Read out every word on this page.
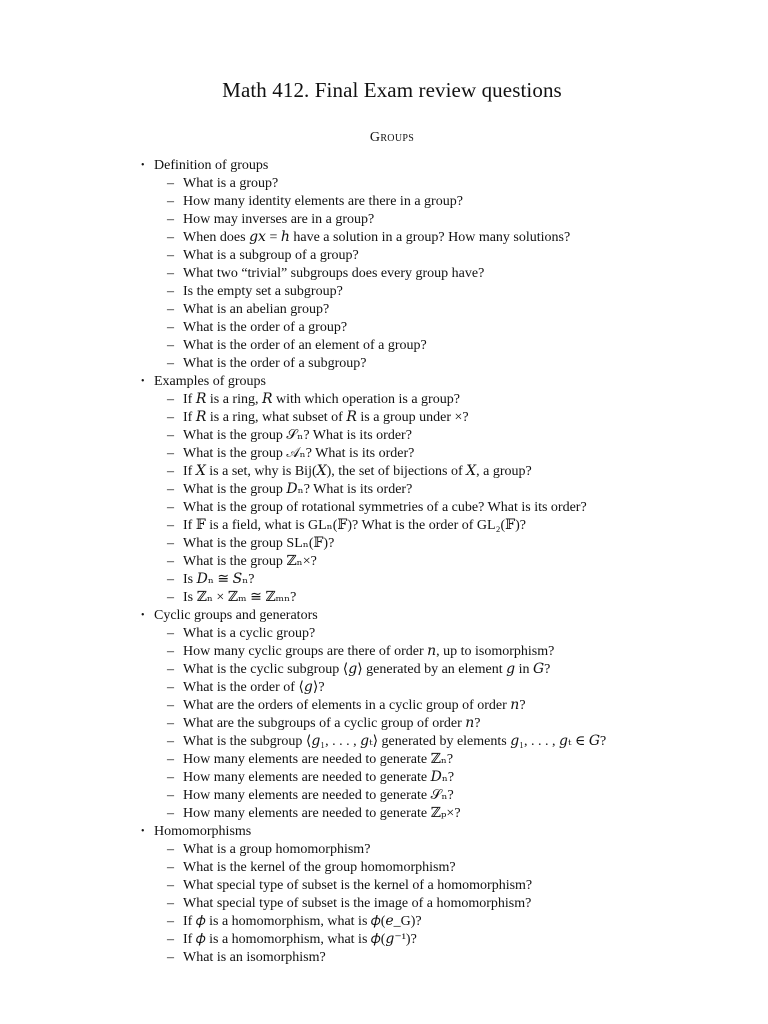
Math 412. Final Exam review questions
Groups
• Definition of groups
– What is a group?
– How many identity elements are there in a group?
– How may inverses are in a group?
– When does 𝑔𝑥 = ℎ have a solution in a group? How many solutions?
– What is a subgroup of a group?
– What two “trivial” subgroups does every group have?
– Is the empty set a subgroup?
– What is an abelian group?
– What is the order of a group?
– What is the order of an element of a group?
– What is the order of a subgroup?
• Examples of groups
– If 𝑅 is a ring, 𝑅 with which operation is a group?
– If 𝑅 is a ring, what subset of 𝑅 is a group under ×?
– What is the group 𝒮ₙ? What is its order?
– What is the group 𝒜ₙ? What is its order?
– If 𝑋 is a set, why is Bij(𝑋), the set of bijections of 𝑋, a group?
– What is the group 𝐷ₙ? What is its order?
– What is the group of rotational symmetries of a cube? What is its order?
– If 𝔽 is a field, what is GLₙ(𝔽)? What is the order of GL₂(𝔽)?
– What is the group SLₙ(𝔽)?
– What is the group ℤₙ×?
– Is 𝐷ₙ ≅ 𝑆ₙ?
– Is ℤₙ × ℤₘ ≅ ℤₘₙ?
• Cyclic groups and generators
– What is a cyclic group?
– How many cyclic groups are there of order 𝑛, up to isomorphism?
– What is the cyclic subgroup ⟨𝑔⟩ generated by an element 𝑔 in 𝐺?
– What is the order of ⟨𝑔⟩?
– What are the orders of elements in a cyclic group of order 𝑛?
– What are the subgroups of a cyclic group of order 𝑛?
– What is the subgroup ⟨𝑔₁, . . . , 𝑔ₜ⟩ generated by elements 𝑔₁, . . . , 𝑔ₜ ∈ 𝐺?
– How many elements are needed to generate ℤₙ?
– How many elements are needed to generate 𝐷ₙ?
– How many elements are needed to generate 𝒮ₙ?
– How many elements are needed to generate ℤₚ×?
• Homomorphisms
– What is a group homomorphism?
– What is the kernel of the group homomorphism?
– What special type of subset is the kernel of a homomorphism?
– What special type of subset is the image of a homomorphism?
– If 𝜙 is a homomorphism, what is 𝜙(𝑒_G)?
– If 𝜙 is a homomorphism, what is 𝜙(𝑔⁻¹)?
– What is an isomorphism?
